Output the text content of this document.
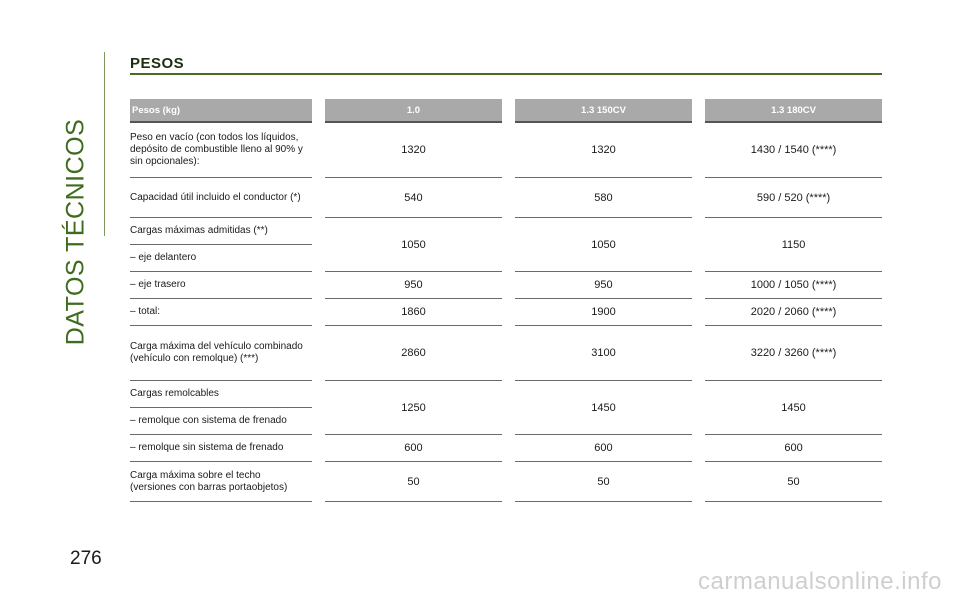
DATOS TÉCNICOS
PESOS
Pesos (kg)		1.0		1.3 150CV		1.3 180CV
Peso en vacío (con todos los líquidos, depósito de combustible lleno al 90% y sin opcionales):		1320		1320		1430 / 1540 (****)
Capacidad útil incluido el conductor (*)		540		580		590 / 520 (****)
Cargas máximas admitidas (**)		1050		1050		1150
– eje delantero						
– eje trasero		950		950		1000 / 1050 (****)
– total:		1860		1900		2020 / 2060 (****)
Carga máxima del vehículo combinado (vehículo con remolque) (***)		2860		3100		3220 / 3260 (****)
Cargas remolcables		1250		1450		1450
– remolque con sistema de frenado						
– remolque sin sistema de frenado		600		600		600
Carga máxima sobre el techo (versiones con barras portaobjetos)		50		50		50
276
carmanualsonline.info
